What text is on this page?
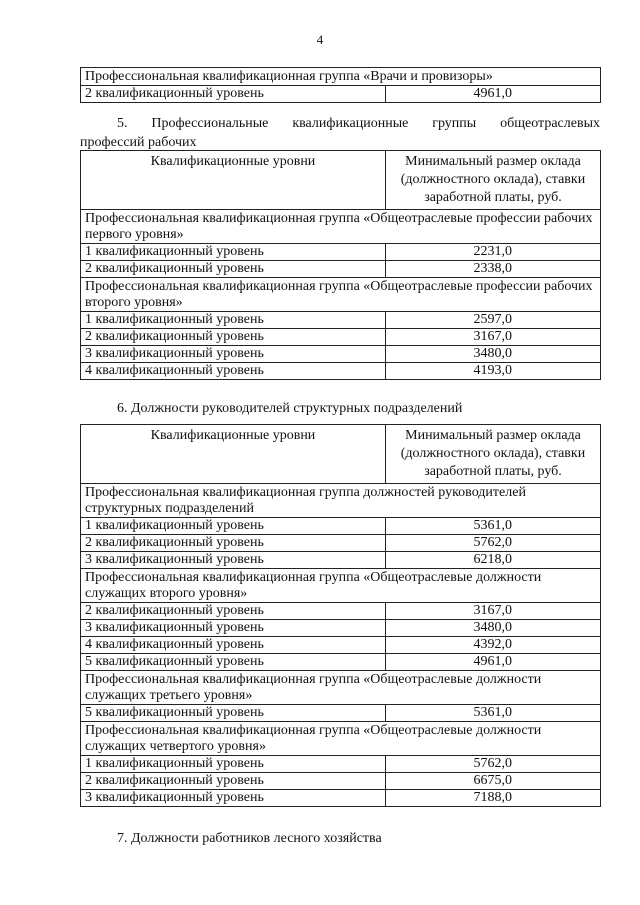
4
Профессиональная квалификационная группа «Врачи и провизоры»
2 квалификационный уровень	4961,0
5. Профессиональные квалификационные группы общеотраслевых
профессий рабочих
Квалификационные уровни	Минимальный размер оклада (должностного оклада), ставки заработной платы, руб.
Профессиональная квалификационная группа «Общеотраслевые профессии рабочих первого уровня»	
1 квалификационный уровень	2231,0
2 квалификационный уровень	2338,0
Профессиональная квалификационная группа «Общеотраслевые профессии рабочих второго уровня»	
1 квалификационный уровень	2597,0
2 квалификационный уровень	3167,0
3 квалификационный уровень	3480,0
4 квалификационный уровень	4193,0
6. Должности руководителей структурных подразделений
Квалификационные уровни	Минимальный размер оклада (должностного оклада), ставки заработной платы, руб.
Профессиональная квалификационная группа должностей руководителей структурных подразделений	
1 квалификационный уровень	5361,0
2 квалификационный уровень	5762,0
3 квалификационный уровень	6218,0
Профессиональная квалификационная группа «Общеотраслевые должности служащих второго уровня»	
2 квалификационный уровень	3167,0
3 квалификационный уровень	3480,0
4 квалификационный уровень	4392,0
5 квалификационный уровень	4961,0
Профессиональная квалификационная группа «Общеотраслевые должности служащих третьего уровня»	
5 квалификационный уровень	5361,0
Профессиональная квалификационная группа «Общеотраслевые должности служащих четвертого уровня»	
1 квалификационный уровень	5762,0
2 квалификационный уровень	6675,0
3 квалификационный уровень	7188,0
7. Должности работников лесного хозяйства
